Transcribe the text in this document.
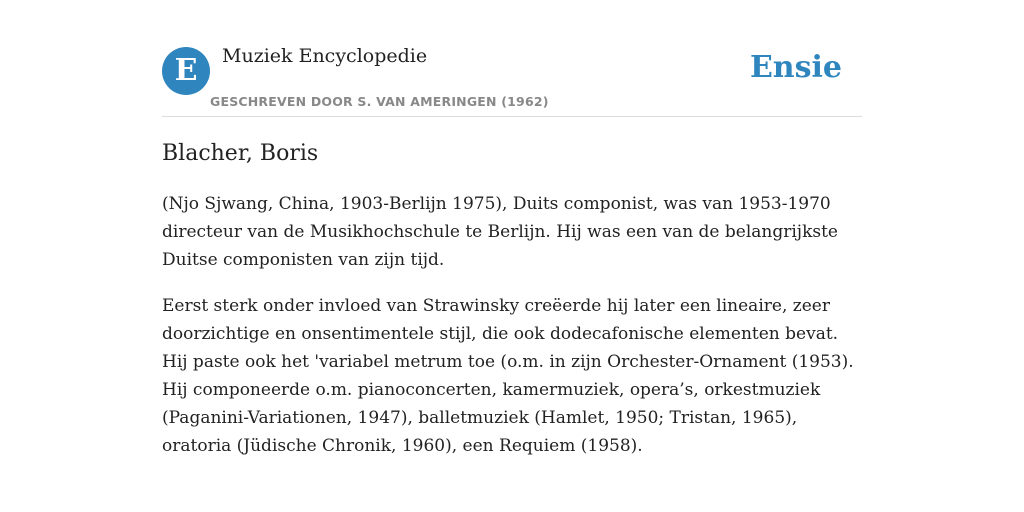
E	Muziek Encyclopedie
GESCHREVEN DOOR S. VAN AMERINGEN (1962)
Ensie
Blacher, Boris

(Njo Sjwang, China, 1903-Berlijn 1975), Duits componist, was van 1953-1970 directeur van de Musikhochschule te Berlijn. Hij was een van de belangrijkste Duitse componisten van zijn tijd.

Eerst sterk onder invloed van Strawinsky creëerde hij later een lineaire, zeer doorzichtige en onsentimentele stijl, die ook dodecafonische elementen bevat. Hij paste ook het 'variabel metrum toe (o.m. in zijn Orchester-Ornament (1953). Hij componeerde o.m. pianoconcerten, kamermuziek, opera’s, orkestmuziek (Paganini-Variationen, 1947), balletmuziek (Hamlet, 1950; Tristan, 1965), oratoria (Jüdische Chronik, 1960), een Requiem (1958).
